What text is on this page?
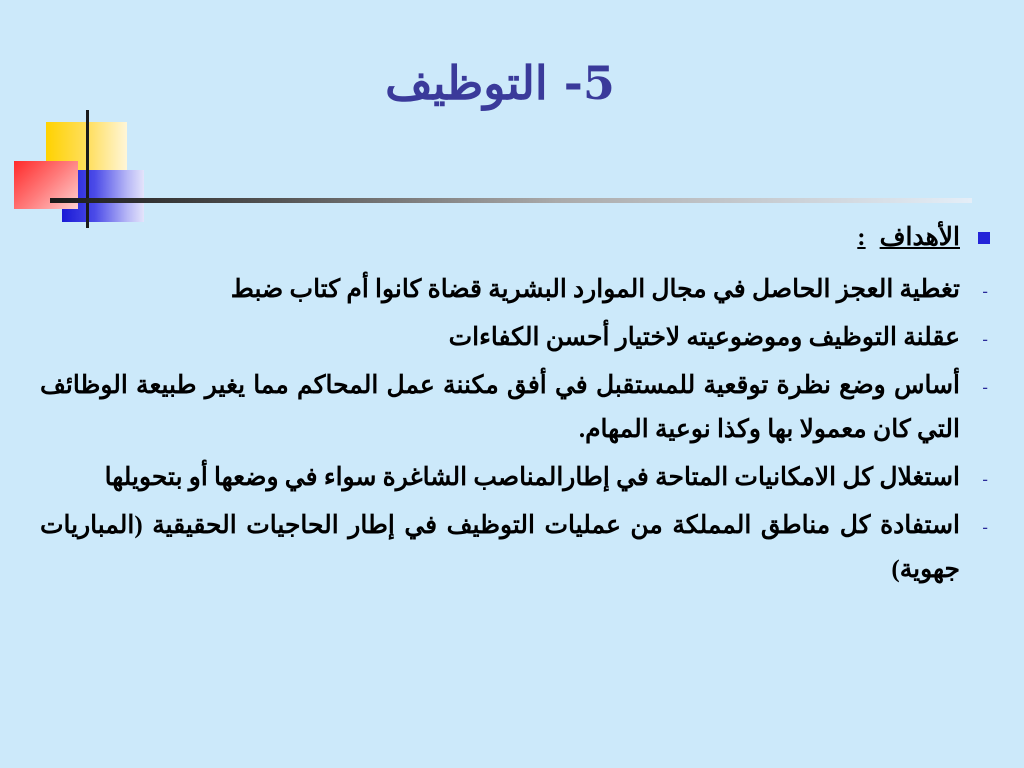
5- التوظيف
الأهداف:
-
تغطية العجز الحاصل في مجال الموارد البشرية قضاة كانوا أم كتاب ضبط
-
عقلنة التوظيف وموضوعيته لاختيار أحسن الكفاءات
-
أساس وضع نظرة توقعية للمستقبل في أفق مكننة عمل المحاكم مما يغير طبيعة الوظائف التي كان معمولا بها وكذا نوعية المهام.
-
استغلال كل الامكانيات المتاحة في إطارالمناصب الشاغرة سواء في وضعها أو بتحويلها
-
استفادة كل مناطق المملكة من عمليات التوظيف في إطار الحاجيات الحقيقية (المباريات جهوية)
